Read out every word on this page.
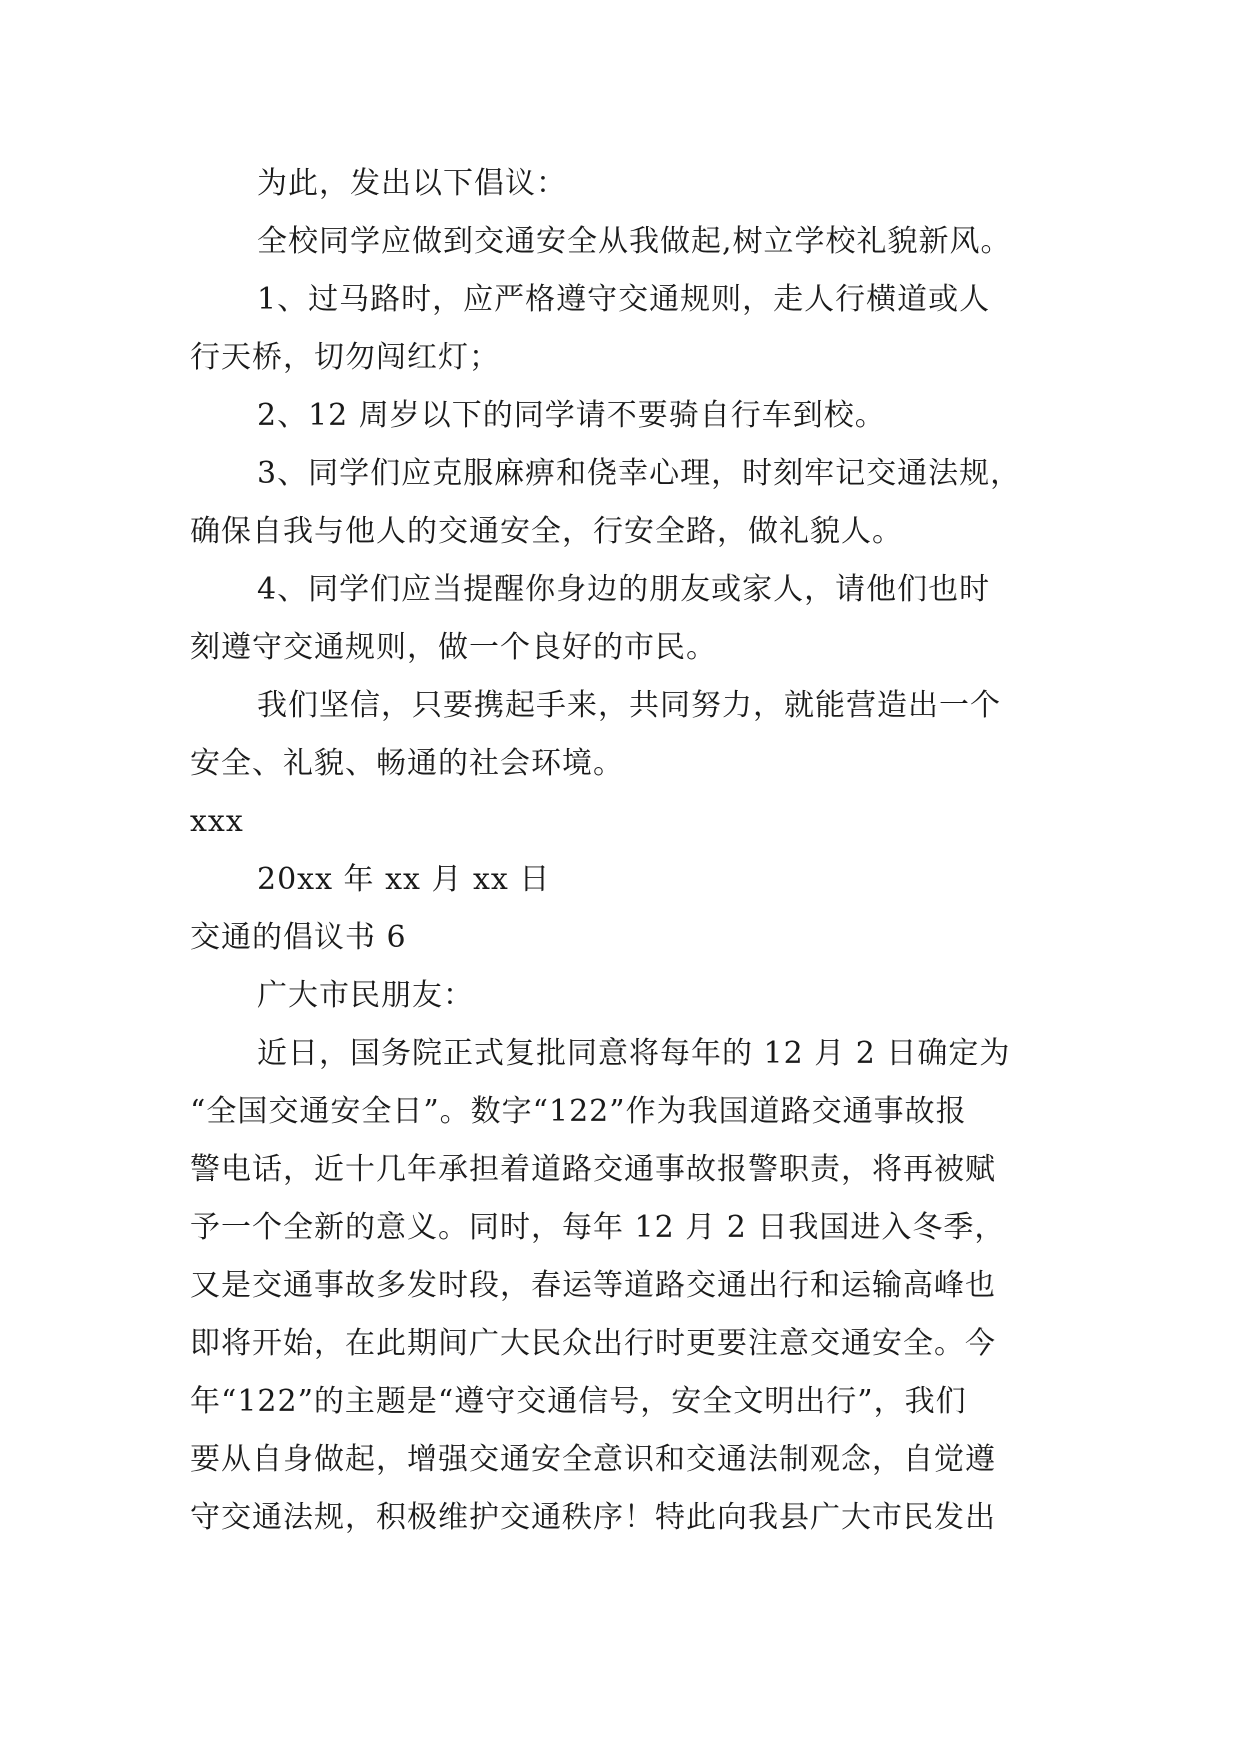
为此，发出以下倡议：
全校同学应做到交通安全从我做起,树立学校礼貌新风。
1、过马路时，应严格遵守交通规则，走人行横道或人
行天桥，切勿闯红灯；
2、12 周岁以下的同学请不要骑自行车到校。
3、同学们应克服麻痹和侥幸心理，时刻牢记交通法规，
确保自我与他人的交通安全，行安全路，做礼貌人。
4、同学们应当提醒你身边的朋友或家人，请他们也时
刻遵守交通规则，做一个良好的市民。
我们坚信，只要携起手来，共同努力，就能营造出一个
安全、礼貌、畅通的社会环境。
xxx
20xx 年 xx 月 xx 日
交通的倡议书 6
广大市民朋友：
近日，国务院正式复批同意将每年的 12 月 2 日确定为
“全国交通安全日”。数字“122”作为我国道路交通事故报
警电话，近十几年承担着道路交通事故报警职责，将再被赋
予一个全新的意义。同时，每年 12 月 2 日我国进入冬季，
又是交通事故多发时段，春运等道路交通出行和运输高峰也
即将开始，在此期间广大民众出行时更要注意交通安全。今
年“122”的主题是“遵守交通信号，安全文明出行”，我们
要从自身做起，增强交通安全意识和交通法制观念，自觉遵
守交通法规，积极维护交通秩序！特此向我县广大市民发出
